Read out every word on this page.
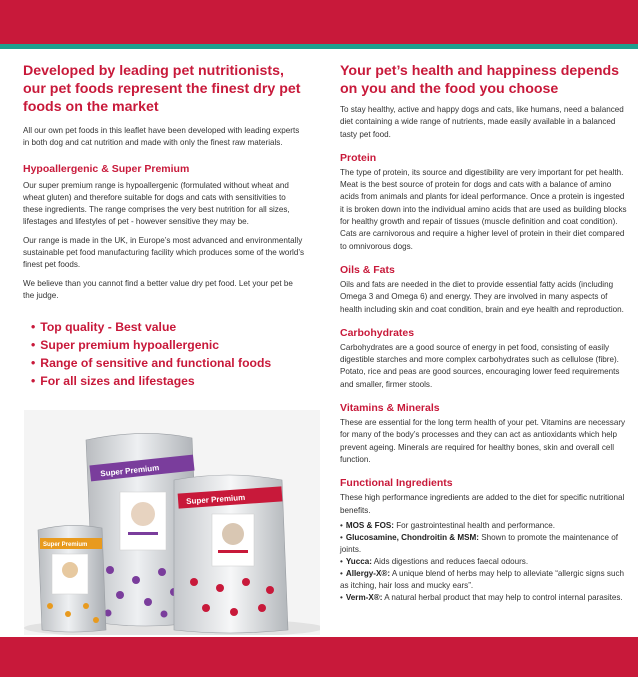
Developed by leading pet nutritionists, our pet foods represent the finest dry pet foods on the market

All our own pet foods in this leaflet have been developed with leading experts in both dog and cat nutrition and made with only the finest raw materials.

Hypoallergenic & Super Premium

Our super premium range is hypoallergenic (formulated without wheat and wheat gluten) and therefore suitable for dogs and cats with sensitivities to these ingredients. The range comprises the very best nutrition for all sizes, lifestages and lifestyles of pet - however sensitive they may be.

Our range is made in the UK, in Europe’s most advanced and environmentally sustainable pet food manufacturing facility which produces some of the world’s finest pet foods.

We believe than you cannot find a better value dry pet food. Let your pet be the judge.

• Top quality - Best value
• Super premium hypoallergenic
• Range of sensitive and functional foods
• For all sizes and lifestages
Super Premium
Super Premium
Super Premium
Your pet’s health and happiness depends on you and the food you choose

To stay healthy, active and happy dogs and cats, like humans, need a balanced diet containing a wide range of nutrients, made easily available in a balanced tasty pet food.

Protein

The type of protein, its source and digestibility are very important for pet health. Meat is the best source of protein for dogs and cats with a balance of amino acids from animals and plants for ideal performance. Once a protein is ingested it is broken down into the individual amino acids that are used as building blocks for healthy growth and repair of tissues (muscle definition and coat condition). Cats are carnivorous and require a higher level of protein in their diet compared to omnivorous dogs.

Oils & Fats

Oils and fats are needed in the diet to provide essential fatty acids (including Omega 3 and Omega 6) and energy. They are involved in many aspects of health including skin and coat condition, brain and eye health and reproduction.

Carbohydrates

Carbohydrates are a good source of energy in pet food, consisting of easily digestible starches and more complex carbohydrates such as cellulose (fibre). Potato, rice and peas are good sources, encouraging lower feed requirements and smaller, firmer stools.

Vitamins & Minerals

These are essential for the long term health of your pet. Vitamins are necessary for many of the body’s processes and they can act as antioxidants which help prevent ageing. Minerals are required for healthy bones, skin and overall cell function.

Functional Ingredients

These high performance ingredients are added to the diet for specific nutritional benefits.

• MOS & FOS: For gastrointestinal health and performance.
• Glucosamine, Chondroitin & MSM: Shown to promote the maintenance of joints.
• Yucca: Aids digestions and reduces faecal odours.
• Allergy-X®: A unique blend of herbs may help to alleviate “allergic signs such as itching, hair loss and mucky ears”.
• Verm-X®: A natural herbal product that may help to control internal parasites.
